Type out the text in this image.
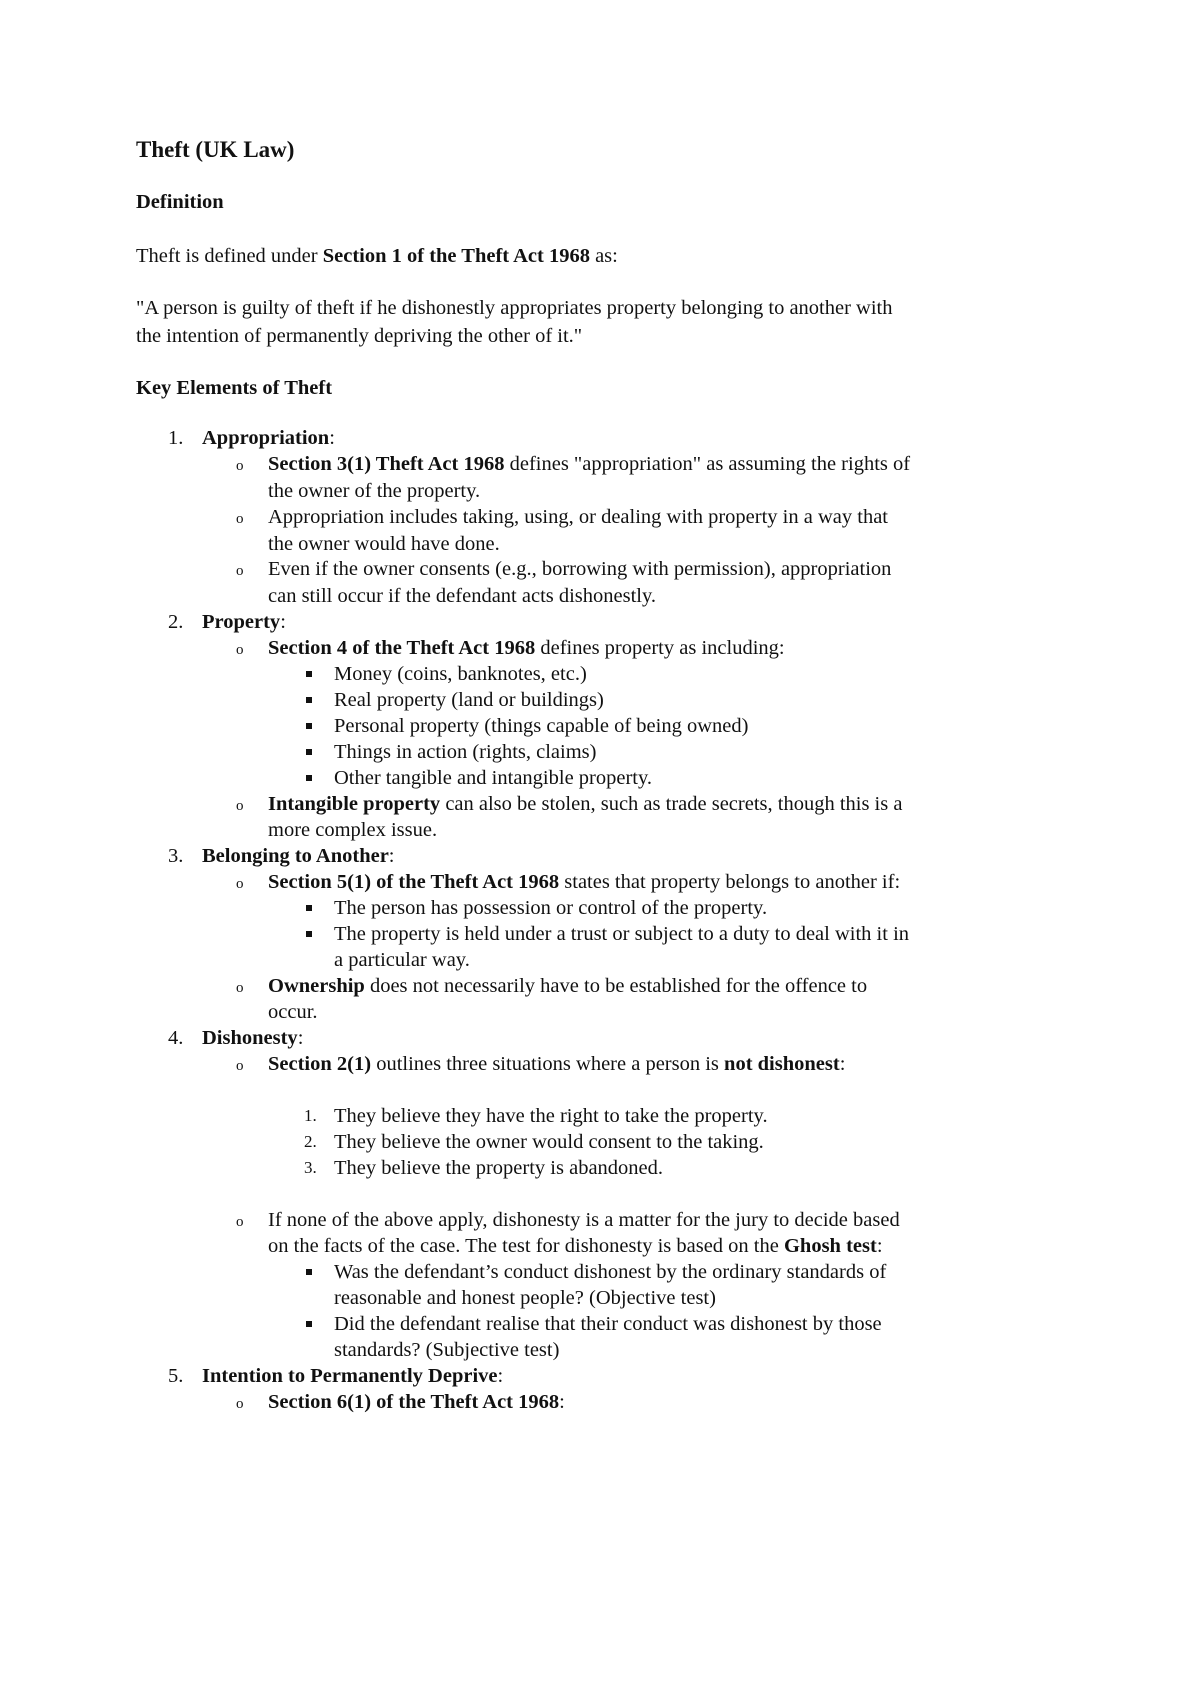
Theft (UK Law)
Definition
Theft is defined under Section 1 of the Theft Act 1968 as:
"A person is guilty of theft if he dishonestly appropriates property belonging to another with
the intention of permanently depriving the other of it."
Key Elements of Theft
1. Appropriation:
o Section 3(1) Theft Act 1968 defines "appropriation" as assuming the rights of
the owner of the property.
o Appropriation includes taking, using, or dealing with property in a way that
the owner would have done.
o Even if the owner consents (e.g., borrowing with permission), appropriation
can still occur if the defendant acts dishonestly.
2. Property:
o Section 4 of the Theft Act 1968 defines property as including:
Money (coins, banknotes, etc.)
Real property (land or buildings)
Personal property (things capable of being owned)
Things in action (rights, claims)
Other tangible and intangible property.
o Intangible property can also be stolen, such as trade secrets, though this is a
more complex issue.
3. Belonging to Another:
o Section 5(1) of the Theft Act 1968 states that property belongs to another if:
The person has possession or control of the property.
The property is held under a trust or subject to a duty to deal with it in
a particular way.
o Ownership does not necessarily have to be established for the offence to
occur.
4. Dishonesty:
o Section 2(1) outlines three situations where a person is not dishonest:
1. They believe they have the right to take the property.
2. They believe the owner would consent to the taking.
3. They believe the property is abandoned.
o If none of the above apply, dishonesty is a matter for the jury to decide based
on the facts of the case. The test for dishonesty is based on the Ghosh test:
Was the defendant’s conduct dishonest by the ordinary standards of
reasonable and honest people? (Objective test)
Did the defendant realise that their conduct was dishonest by those
standards? (Subjective test)
5. Intention to Permanently Deprive:
o Section 6(1) of the Theft Act 1968:
